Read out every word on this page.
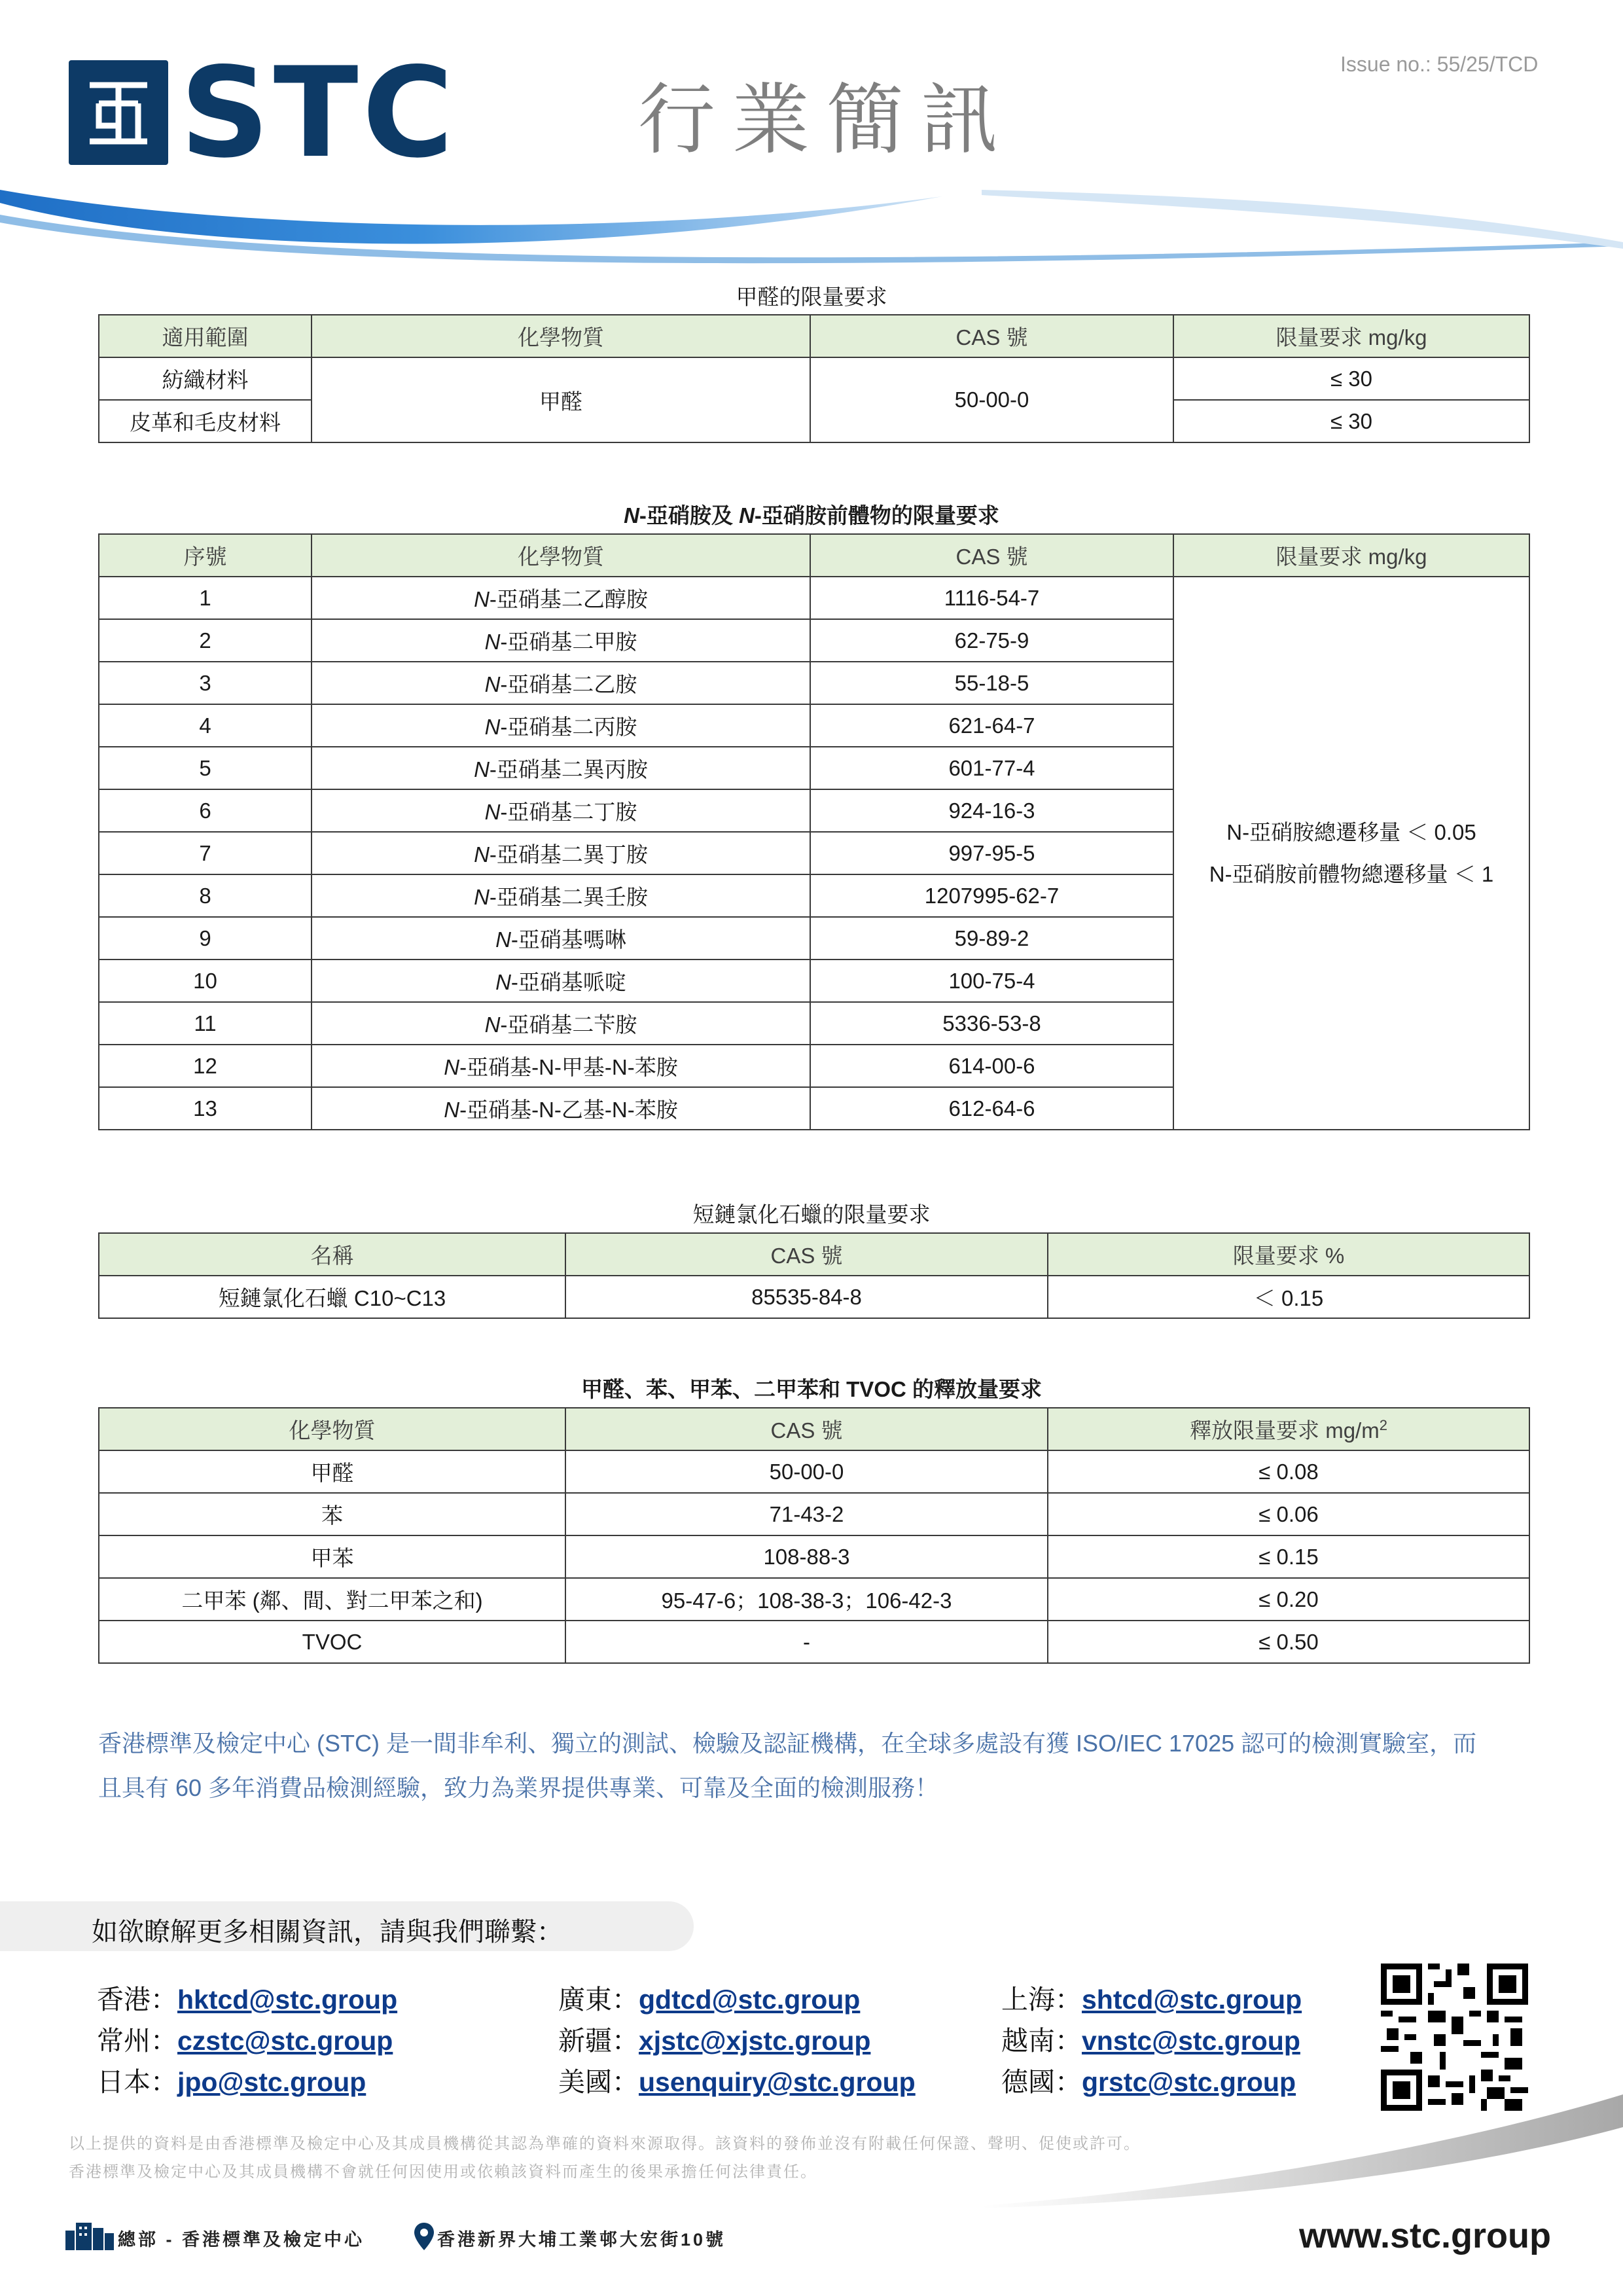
STC 行業簡訊
Issue no.: 55/25/TCD
甲醛的限量要求
適用範圍	化學物質	CAS 號	限量要求 mg/kg
紡織材料	甲醛	50-00-0	≤ 30
皮革和毛皮材料			≤ 30
N-亞硝胺及 N-亞硝胺前體物的限量要求
序號	化學物質	CAS 號	限量要求 mg/kg
1	N-亞硝基二乙醇胺	1116-54-7	N-亞硝胺總遷移量 ＜ 0.05
N-亞硝胺前體物總遷移量 ＜ 1

2	N-亞硝基二甲胺	62-75-9	
3	N-亞硝基二乙胺	55-18-5	
4	N-亞硝基二丙胺	621-64-7	
5	N-亞硝基二異丙胺	601-77-4	
6	N-亞硝基二丁胺	924-16-3	
7	N-亞硝基二異丁胺	997-95-5	
8	N-亞硝基二異壬胺	1207995-62-7	
9	N-亞硝基嗎啉	59-89-2	
10	N-亞硝基哌啶	100-75-4	
11	N-亞硝基二苄胺	5336-53-8	
12	N-亞硝基-N-甲基-N-苯胺	614-00-6	
13	N-亞硝基-N-乙基-N-苯胺	612-64-6	
短鏈氯化石蠟的限量要求
名稱	CAS 號	限量要求 %
短鏈氯化石蠟 C10~C13	85535-84-8	＜ 0.15
甲醛、苯、甲苯、二甲苯和 TVOC 的釋放量要求
化學物質	CAS 號	釋放限量要求 $mg/m^2$
甲醛	50-00-0	≤ 0.08
苯	71-43-2	≤ 0.06
甲苯	108-88-3	≤ 0.15
二甲苯 (鄰、間、對二甲苯之和)	95-47-6；108-38-3；106-42-3	≤ 0.20
TVOC	-	≤ 0.50
香港標準及檢定中心 (STC) 是一間非牟利、獨立的測試、檢驗及認証機構，在全球多處設有獲 ISO/IEC 17025 認可的檢測實驗室，而
且具有 60 多年消費品檢測經驗，致力為業界提供專業、可靠及全面的檢測服務！
如欲瞭解更多相關資訊，請與我們聯繫：
香港：hktcd@stc.group
常州：czstc@stc.group
日本：jpo@stc.group
廣東：gdtcd@stc.group
新疆：xjstc@xjstc.group
美國：usenquiry@stc.group
上海：shtcd@stc.group
越南：vnstc@stc.group
德國：grstc@stc.group
以上提供的資料是由香港標準及檢定中心及其成員機構從其認為準確的資料來源取得。該資料的發佈並沒有附載任何保證、聲明、促使或許可。
香港標準及檢定中心及其成員機構不會就任何因使用或依賴該資料而產生的後果承擔任何法律責任。
總部 - 香港標準及檢定中心	香港新界大埔工業邨大宏街10號	www.stc.group
